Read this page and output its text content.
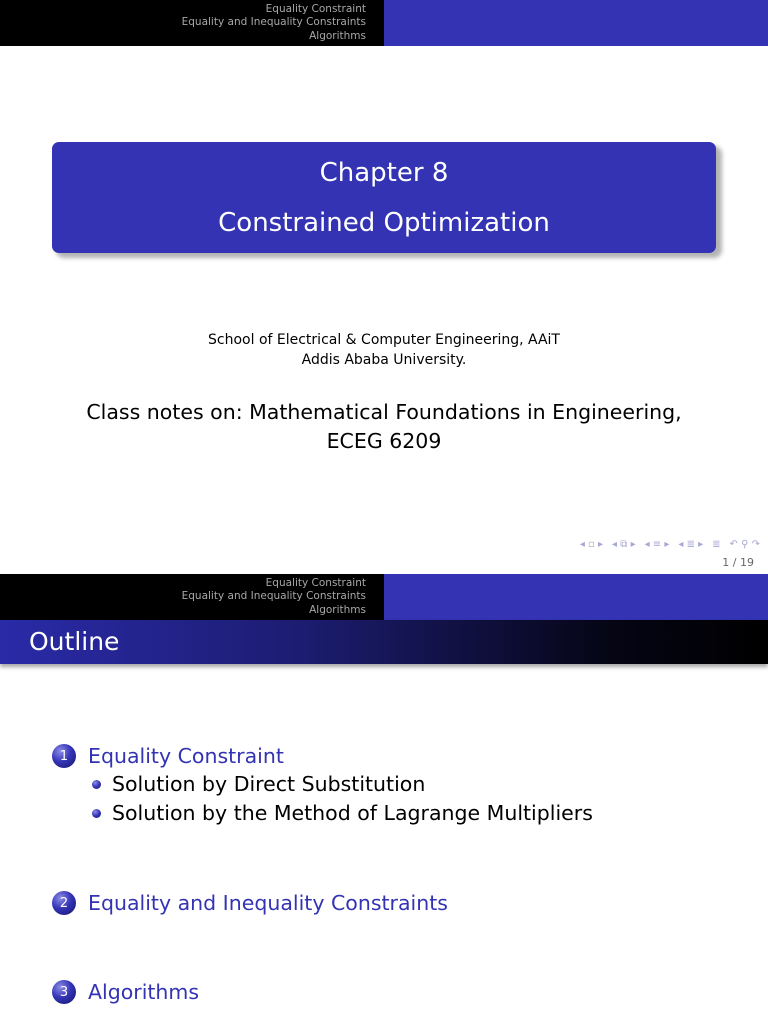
Equality Constraint
Equality and Inequality Constraints
Algorithms
Chapter 8
Constrained Optimization
School of Electrical & Computer Engineering, AAiT
Addis Ababa University.
Class notes on: Mathematical Foundations in Engineering,
ECEG 6209
◂ ▫ ▸ ◂ ⧉ ▸ ◂ ≡ ▸ ◂ ≣ ▸ ≣ ↶ ⚲ ↷
1 / 19
Equality Constraint
Equality and Inequality Constraints
Algorithms
Outline
1 Equality Constraint
Solution by Direct Substitution
Solution by the Method of Lagrange Multipliers
2 Equality and Inequality Constraints
3 Algorithms
